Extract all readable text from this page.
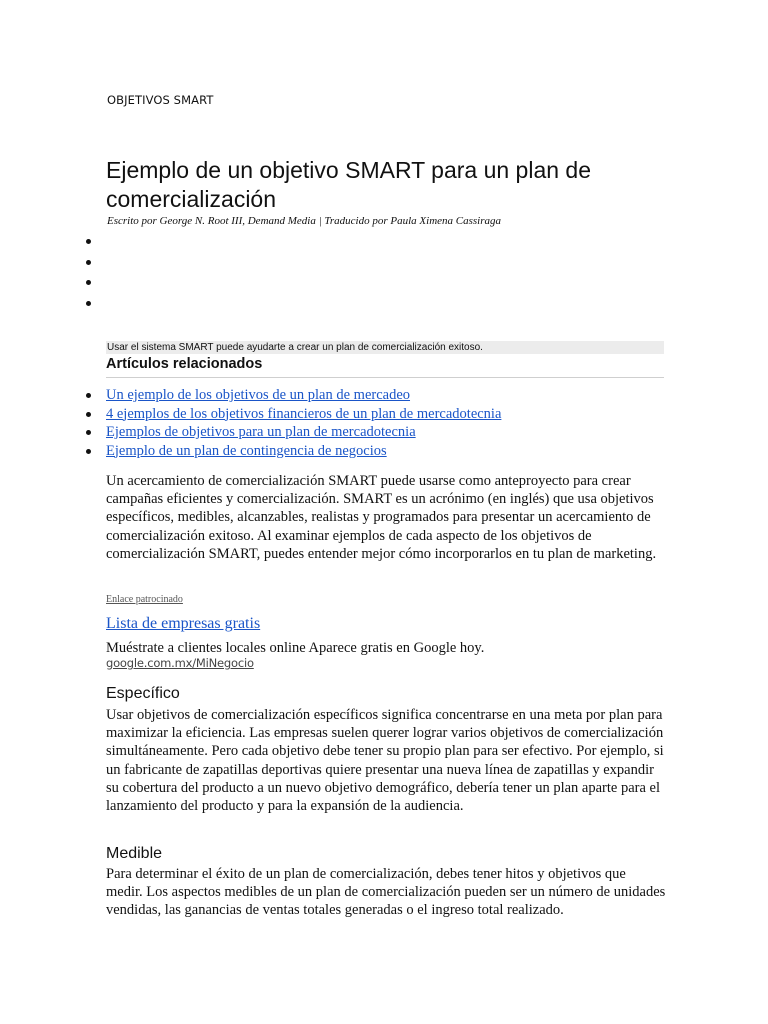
OBJETIVOS SMART
Ejemplo de un objetivo SMART para un plan de comercialización
Escrito por George N. Root III, Demand Media | Traducido por Paula Ximena Cassiraga
Usar el sistema SMART puede ayudarte a crear un plan de comercialización exitoso.
Artículos relacionados
Un ejemplo de los objetivos de un plan de mercadeo
4 ejemplos de los objetivos financieros de un plan de mercadotecnia
Ejemplos de objetivos para un plan de mercadotecnia
Ejemplo de un plan de contingencia de negocios

Un acercamiento de comercialización SMART puede usarse como anteproyecto para crear campañas eficientes y comercialización. SMART es un acrónimo (en inglés) que usa objetivos específicos, medibles, alcanzables, realistas y programados para presentar un acercamiento de comercialización exitoso. Al examinar ejemplos de cada aspecto de los objetivos de comercialización SMART, puedes entender mejor cómo incorporarlos en tu plan de marketing.

Enlace patrocinado
Lista de empresas gratis
Muéstrate a clientes locales online Aparece gratis en Google hoy.
google.com.mx/MiNegocio
Específico

Usar objetivos de comercialización específicos significa concentrarse en una meta por plan para maximizar la eficiencia. Las empresas suelen querer lograr varios objetivos de comercialización simultáneamente. Pero cada objetivo debe tener su propio plan para ser efectivo. Por ejemplo, si un fabricante de zapatillas deportivas quiere presentar una nueva línea de zapatillas y expandir su cobertura del producto a un nuevo objetivo demográfico, debería tener un plan aparte para el lanzamiento del producto y para la expansión de la audiencia.

Medible

Para determinar el éxito de un plan de comercialización, debes tener hitos y objetivos que medir. Los aspectos medibles de un plan de comercialización pueden ser un número de unidades vendidas, las ganancias de ventas totales generadas o el ingreso total realizado.
